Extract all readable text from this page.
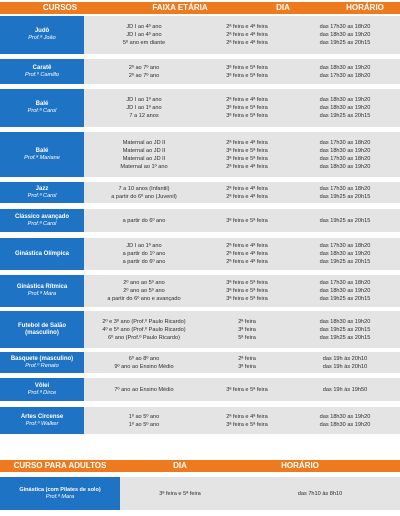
CURSOS	FAIXA ETÁRIA	DIA	HORÁRIO
Judô
Prof.ª João
JD I ao 4º ano	2ª feira e 4ª feira	das 17h30 as 18h20
JD I ao 4º ano	2ª feira e 4ª feira	das 18h30 as 19h20
5º ano em diante	2ª feira e 4ª feira	das 19h25 as 20h15
Caratê
Prof.º Camillo
2º ao 7º ano	3ª feira e 5ª feira	das 18h30 as 19h20
2º ao 7º ano	3ª feira e 5ª feira	das 17h30 as 18h20
Balé
Prof.ª Carol
JD I ao 1º ano	2ª feira e 4ª feira	das 18h30 as 19h20
JD I ao 1º ano	3ª feira e 5ª feira	das 18h30 as 19h20
7 a 12 anos	3ª feira e 5ª feira	das 19h25 as 20h15
Balé
Prof.ª Mariane
Maternal ao JD II	2ª feira e 4ª feira	das 17h30 as 18h20
Maternal ao JD II	3ª feira e 5ª feira	das 18h30 as 19h20
Maternal ao JD II	3ª feira e 5ª feira	das 17h30 as 18h20
Maternal ao 1º ano	2ª feira e 4ª feira	das 18h30 as 19h20
Jazz
Prof.ª Carol
7 a 10 anos (Infantil)	2ª feira e 4ª feira	das 17h30 as 18h20
a partir do 6º ano (Juvenil)	2ª feira e 4ª feira	das 19h25 as 20h15
Clássico avançado
Prof.ª Carol	a partir do 6º ano	3ª feira e 5ª feira	das 19h25 as 20h15
Ginástica Olímpica
JD I ao 1º ano	2ª feira e 4ª feira	das 17h30 as 18h20
a partir do 1º ano	2ª feira e 4ª feira	das 18h30 as 19h20
a partir do 6º ano	2ª feira e 4ª feira	das 19h25 as 20h15
Ginástica Rítmica
Prof.ª Mara
2º ano ao 5º ano	3ª feira e 5ª feira	das 17h30 as 18h20
2º ano ao 5º ano	3ª feira e 5ª feira	das 18h30 as 19h20
a partir do 6º ano e avançado	3ª feira e 5ª feira	das 19h25 as 20h15
Futebol de Salão (masculino)
2º e 3º ano (Prof.º Paulo Ricardo)	2ª feira	das 18h30 as 19h20
4º e 5º ano (Prof.º Paulo Ricardo)	3ª feira	das 19h25 as 20h15
6º ano (Prof.º Paulo Ricardo)	5ª feira	das 19h25 as 20h15
Basquete (masculino)
Prof.º Renato
6º ao 8º ano	2ª feira	das 19h às 20h10
9º ano ao Ensino Médio	3ª feira	das 19h às 20h10
Vôlei
Prof.ª Dirce	7º ano ao Ensino Médio	3ª feira e 5ª feira	das 19h às 19h50
Artes Circense
Prof.º Walker
1º ao 5º ano	2ª feira e 4ª feira	das 18h30 as 19h20
1º ao 5º ano	3ª feira e 5ª feira	das 18h30 as 19h20
CURSO PARA ADULTOS	DIA	HORÁRIO
Ginástica (com Pilates de solo)
Prof.ª Mara	3ª feira e 5ª feira	das 7h10 às 8h10
